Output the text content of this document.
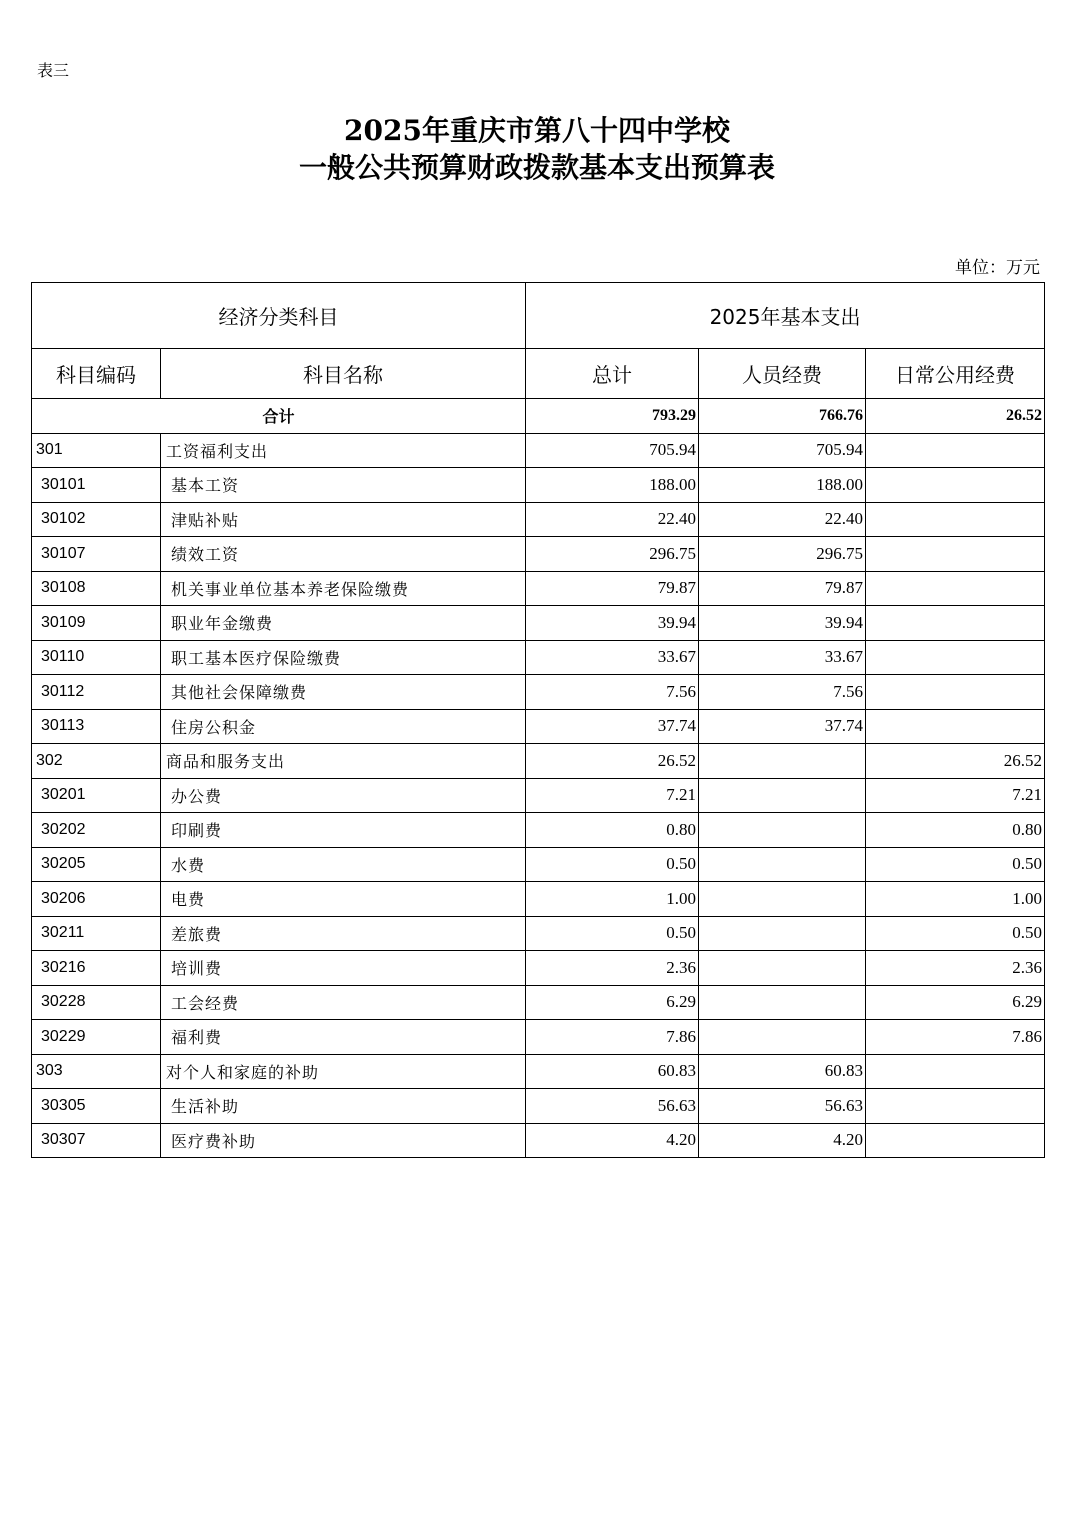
表三
2025年重庆市第八十四中学校
一般公共预算财政拨款基本支出预算表
单位：万元
经济分类科目		2025年基本支出		
科目编码	科目名称	总计	人员经费	日常公用经费
合计		793.29	766.76	26.52
301	工资福利支出	705.94	705.94	
30101	基本工资	188.00	188.00	
30102	津贴补贴	22.40	22.40	
30107	绩效工资	296.75	296.75	
30108	机关事业单位基本养老保险缴费	79.87	79.87	
30109	职业年金缴费	39.94	39.94	
30110	职工基本医疗保险缴费	33.67	33.67	
30112	其他社会保障缴费	7.56	7.56	
30113	住房公积金	37.74	37.74	
302	商品和服务支出	26.52		26.52
30201	办公费	7.21		7.21
30202	印刷费	0.80		0.80
30205	水费	0.50		0.50
30206	电费	1.00		1.00
30211	差旅费	0.50		0.50
30216	培训费	2.36		2.36
30228	工会经费	6.29		6.29
30229	福利费	7.86		7.86
303	对个人和家庭的补助	60.83	60.83	
30305	生活补助	56.63	56.63	
30307	医疗费补助	4.20	4.20	
